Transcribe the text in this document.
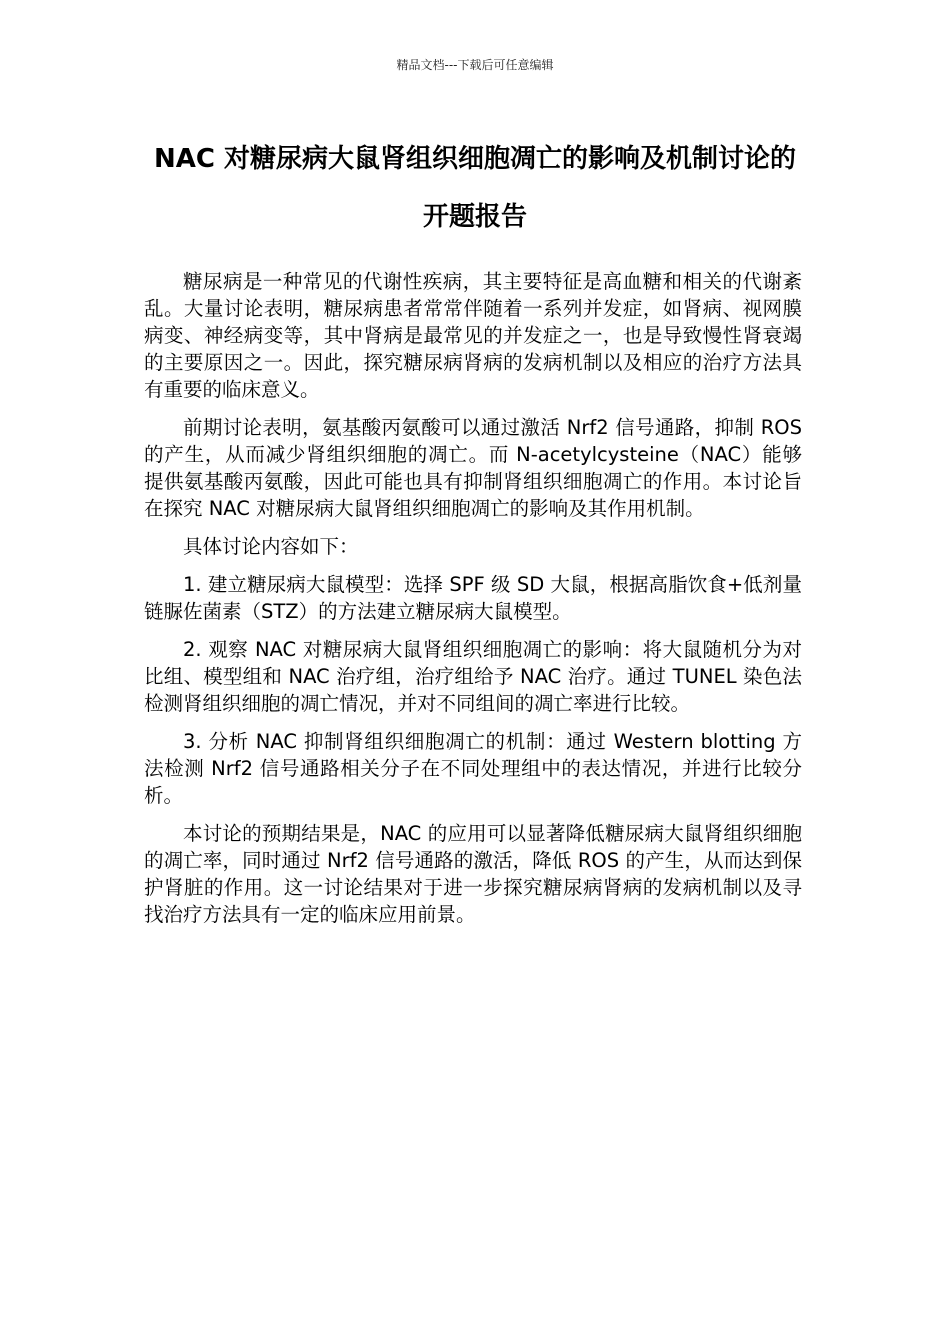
精品文档---下载后可任意编辑
NAC 对糖尿病大鼠肾组织细胞凋亡的影响及机制讨论的开题报告

糖尿病是一种常见的代谢性疾病，其主要特征是高血糖和相关的代谢紊乱。大量讨论表明，糖尿病患者常常伴随着一系列并发症，如肾病、视网膜病变、神经病变等，其中肾病是最常见的并发症之一，也是导致慢性肾衰竭的主要原因之一。因此，探究糖尿病肾病的发病机制以及相应的治疗方法具有重要的临床意义。

前期讨论表明，氨基酸丙氨酸可以通过激活 Nrf2 信号通路，抑制 ROS 的产生，从而减少肾组织细胞的凋亡。而 N-acetylcysteine（NAC）能够提供氨基酸丙氨酸，因此可能也具有抑制肾组织细胞凋亡的作用。本讨论旨在探究 NAC 对糖尿病大鼠肾组织细胞凋亡的影响及其作用机制。

具体讨论内容如下：

1. 建立糖尿病大鼠模型：选择 SPF 级 SD 大鼠，根据高脂饮食+低剂量链脲佐菌素（STZ）的方法建立糖尿病大鼠模型。

2. 观察 NAC 对糖尿病大鼠肾组织细胞凋亡的影响：将大鼠随机分为对比组、模型组和 NAC 治疗组，治疗组给予 NAC 治疗。通过 TUNEL 染色法检测肾组织细胞的凋亡情况，并对不同组间的凋亡率进行比较。

3. 分析 NAC 抑制肾组织细胞凋亡的机制：通过 Western blotting 方法检测 Nrf2 信号通路相关分子在不同处理组中的表达情况，并进行比较分析。

本讨论的预期结果是，NAC 的应用可以显著降低糖尿病大鼠肾组织细胞的凋亡率，同时通过 Nrf2 信号通路的激活，降低 ROS 的产生，从而达到保护肾脏的作用。这一讨论结果对于进一步探究糖尿病肾病的发病机制以及寻找治疗方法具有一定的临床应用前景。
